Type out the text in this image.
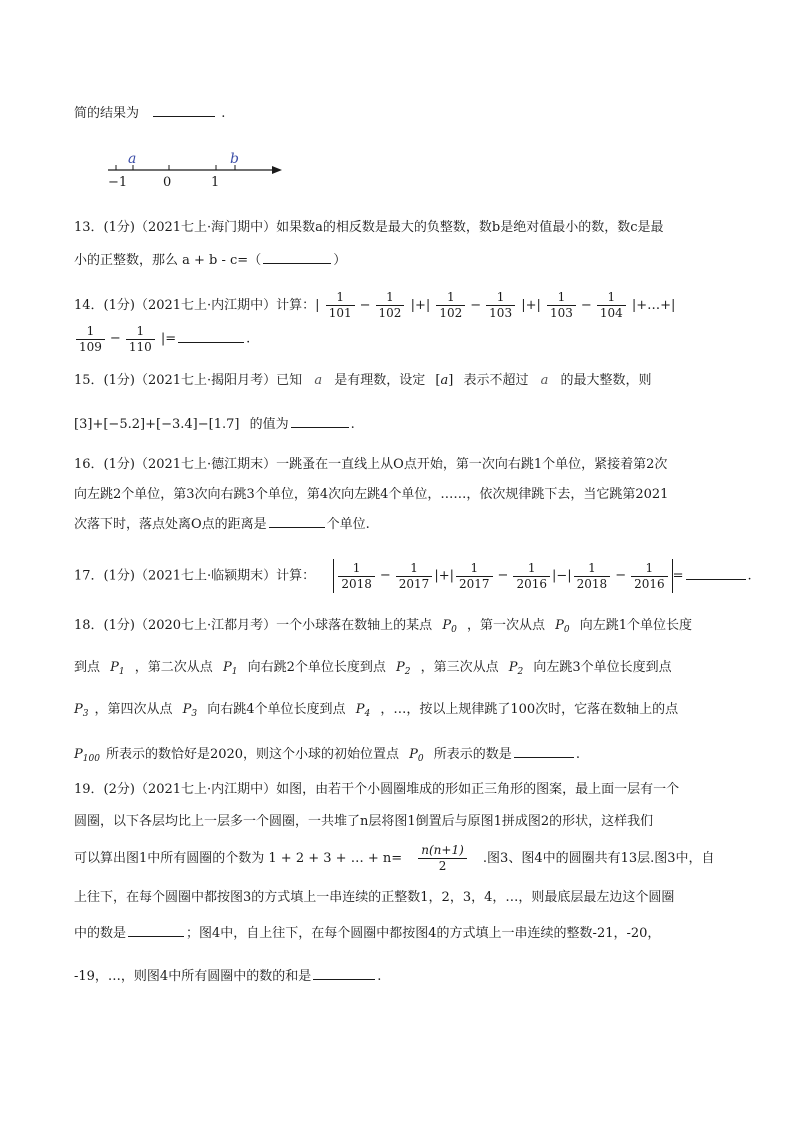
简的结果为	.
−1	0	1
a	b
13．(1分)（2021七上·海门期中）如果数a的相反数是最大的负整数，数b是绝对值最小的数，数c是最
小的正整数，那么 a + b - c=（	）
14．(1分)（2021七上·内江期中）计算：| $\frac{1}{101} - \frac{1}{102}$ |+| $\frac{1}{102} - \frac{1}{103}$ |+| $\frac{1}{103} - \frac{1}{104}$ |+…+|
$\frac{1}{109} - \frac{1}{110}$ |=	.
15．(1分)（2021七上·揭阳月考）已知 a 是有理数，设定 [a] 表示不超过 a 的最大整数，则
[3]+[−5.2]+[−3.4]−[1.7] 的值为	.
16．(1分)（2021七上·德江期末）一跳蚤在一直线上从O点开始，第一次向右跳1个单位，紧接着第2次
向左跳2个单位，第3次向右跳3个单位，第4次向左跳4个单位，……，依次规律跳下去，当它跳第2021
次落下时，落点处离O点的距离是	个单位.
17．(1分)（2021七上·临颍期末）计算： $\frac{1}{2018} - \frac{1}{2017}$ |+| $\frac{1}{2017} - \frac{1}{2016}$ |−| $\frac{1}{2018} - \frac{1}{2016}$ =	.
18．(1分)（2020七上·江都月考）一个小球落在数轴上的某点 $P_0$ ，第一次从点 $P_0$ 向左跳1个单位长度
到点 $P_1$ ，第二次从点 $P_1$ 向右跳2个单位长度到点 $P_2$ ，第三次从点 $P_2$ 向左跳3个单位长度到点
$P_3$ ，第四次从点 $P_3$ 向右跳4个单位长度到点 $P_4$ ，…，按以上规律跳了100次时，它落在数轴上的点
$P_{100}$ 所表示的数恰好是2020，则这个小球的初始位置点 $P_0$ 所表示的数是	.
19．(2分)（2021七上·内江期中）如图，由若干个小圆圈堆成的形如正三角形的图案，最上面一层有一个
圆圈，以下各层均比上一层多一个圆圈，一共堆了n层将图1倒置后与原图1拼成图2的形状，这样我们
可以算出图1中所有圆圈的个数为 1 + 2 + 3 + … + $n= \frac{n(n+1)}{2}$ .图3、图4中的圆圈共有13层.图3中，自
上往下，在每个圆圈中都按图3的方式填上一串连续的正整数1，2，3，4，…，则最底层最左边这个圆圈
中的数是	；图4中，自上往下，在每个圆圈中都按图4的方式填上一串连续的整数-21，-20，
-19，…，则图4中所有圆圈中的数的和是	.
